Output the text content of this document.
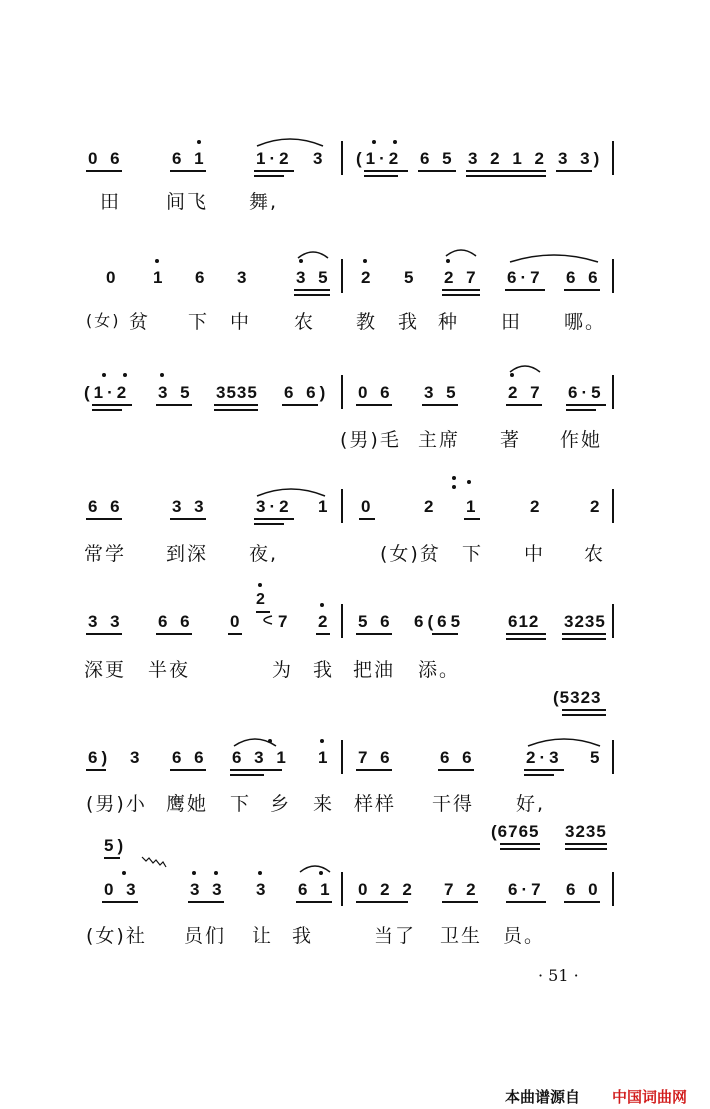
0 6	6 1	1·2 3 (1·2 6 5 3 2 1 2 3 3)
田 间飞 舞,
0 1 6 3	3 5 2 5 2 7 6·7 6 6
(女) 贫 下 中 农 教 我 种 田 哪。
(1·2 3 5 3535 6 6) 0 6 3 5	2 7 6·5
(男)毛 主席 著 作她
6 6	3 3	3·2 1 0	2 1	2	2
常学 到深 夜,	(女)贫 下 中 农
3 3 6 6 0
2
7 2 5 6 6(65	612 3235
深更 半夜	为 我 把油 添。
(5323
6) 3 6 6 6 3 1 1 7 6	6 6	2·3 5
(男)小 鹰她 下 乡 来 样样 干得 好,
5)
(6765 3235
0 3	3 3 3 6 1 0 2 2 7 2 6·7 6 0
(女)社 员们 让 我	当了 卫生 员。
· 51 ·
本曲谱源自 中国词曲网
